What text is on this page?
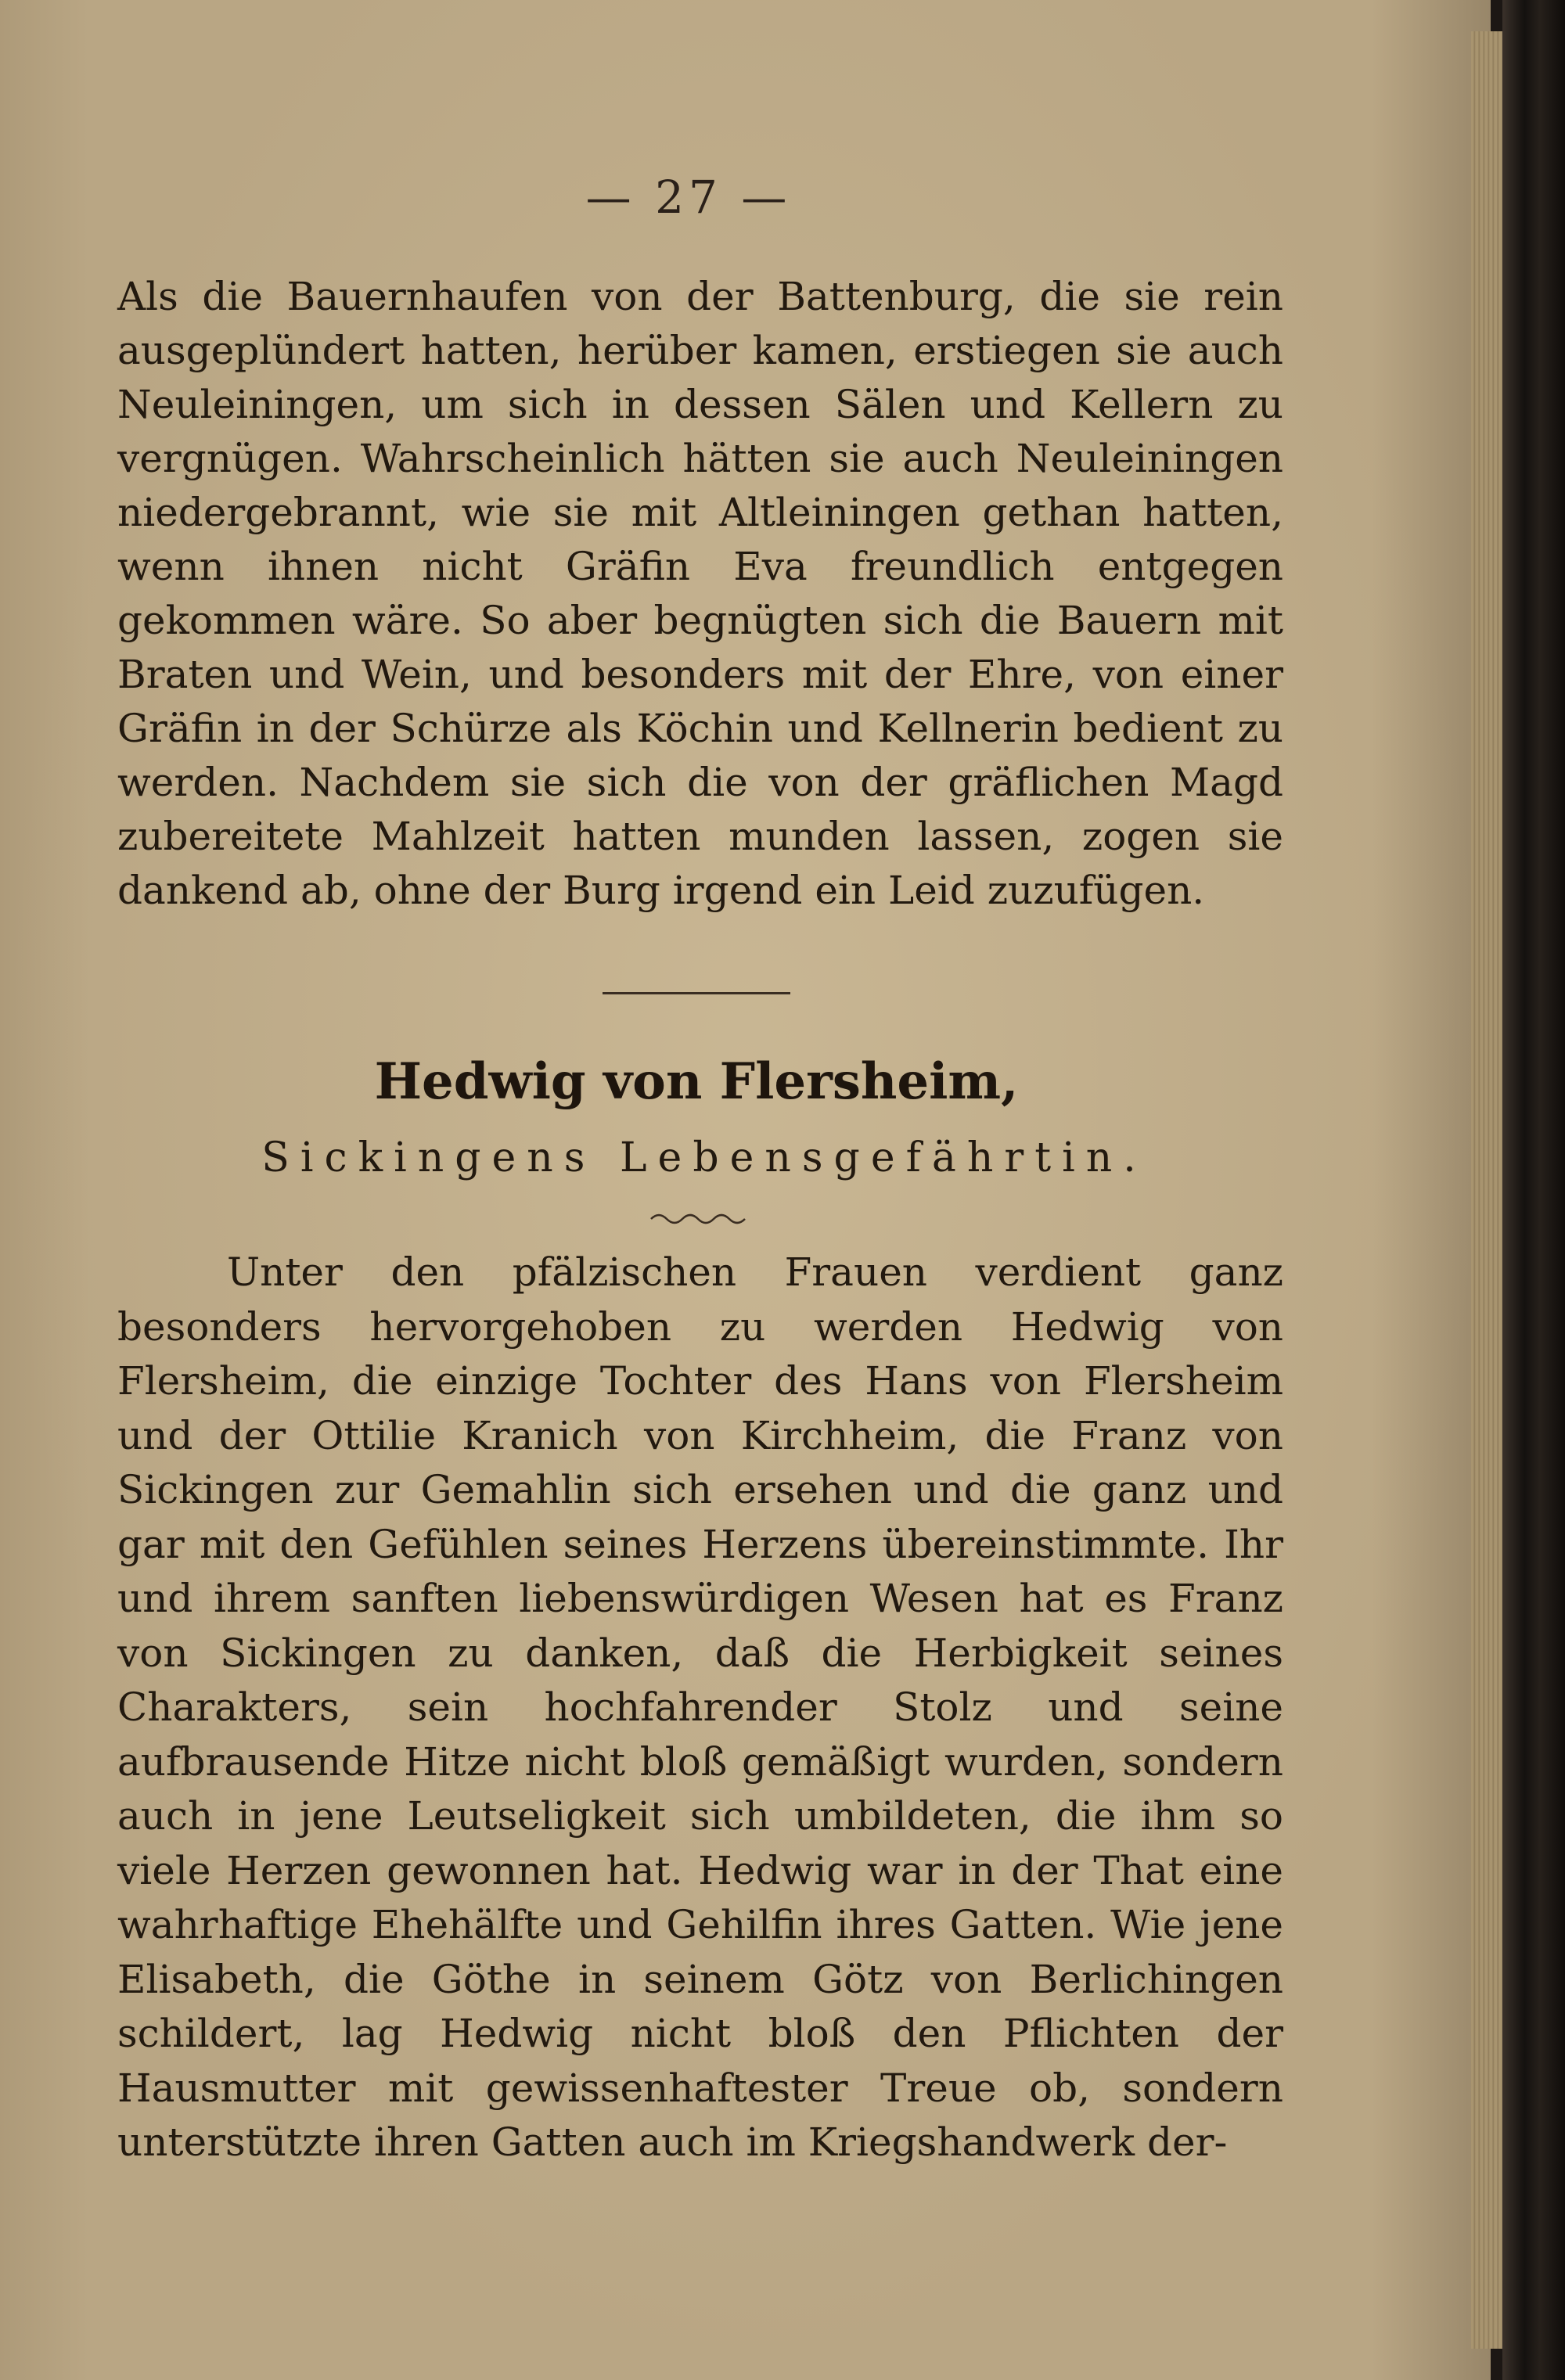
— 27 —

Als die Bauernhaufen von der Battenburg, die sie rein ausgeplündert hatten, herüber kamen, erstiegen sie auch Neuleiningen, um sich in dessen Sälen und Kellern zu vergnügen. Wahrscheinlich hätten sie auch Neuleiningen niedergebrannt, wie sie mit Altleiningen gethan hatten, wenn ihnen nicht Gräfin Eva freundlich entgegen gekommen wäre. So aber begnügten sich die Bauern mit Braten und Wein, und besonders mit der Ehre, von einer Gräfin in der Schürze als Köchin und Kellnerin bedient zu werden. Nachdem sie sich die von der gräflichen Magd zubereitete Mahlzeit hatten munden lassen, zogen sie dankend ab, ohne der Burg irgend ein Leid zuzufügen.

Hedwig von Flersheim,
Sickingens Lebensgefährtin.

Unter den pfälzischen Frauen verdient ganz besonders hervorgehoben zu werden Hedwig von Flersheim, die einzige Tochter des Hans von Flersheim und der Ottilie Kranich von Kirchheim, die Franz von Sickingen zur Gemahlin sich ersehen und die ganz und gar mit den Gefühlen seines Herzens übereinstimmte. Ihr und ihrem sanften liebenswürdigen Wesen hat es Franz von Sickingen zu danken, daß die Herbigkeit seines Charakters, sein hochfahrender Stolz und seine aufbrausende Hitze nicht bloß gemäßigt wurden, sondern auch in jene Leutseligkeit sich umbildeten, die ihm so viele Herzen gewonnen hat. Hedwig war in der That eine wahrhaftige Ehehälfte und Gehilfin ihres Gatten. Wie jene Elisabeth, die Göthe in seinem Götz von Berlichingen schildert, lag Hedwig nicht bloß den Pflichten der Hausmutter mit gewissenhaftester Treue ob, sondern unterstützte ihren Gatten auch im Kriegshandwerk der-
